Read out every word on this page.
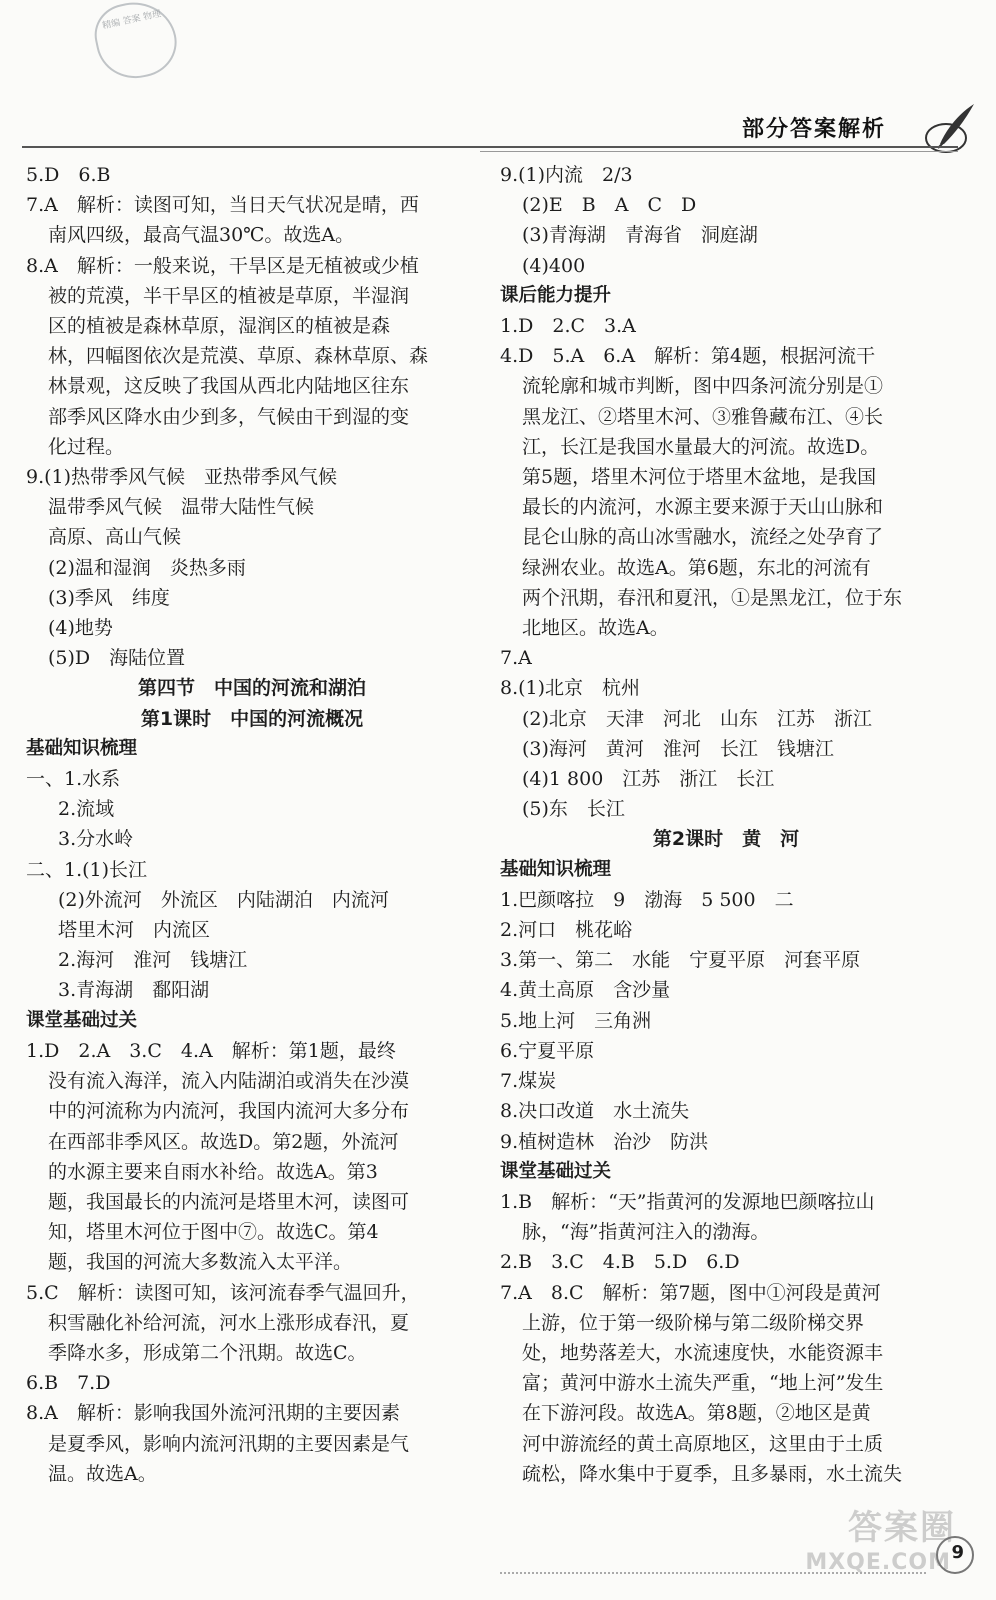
精编 答案 物理
部分答案解析
5.D　6.B
7.A　解析：读图可知，当日天气状况是晴，西
南风四级，最高气温30℃。故选A。
8.A　解析：一般来说，干旱区是无植被或少植
被的荒漠，半干旱区的植被是草原，半湿润
区的植被是森林草原，湿润区的植被是森
林，四幅图依次是荒漠、草原、森林草原、森
林景观，这反映了我国从西北内陆地区往东
部季风区降水由少到多，气候由干到湿的变
化过程。
9.(1)热带季风气候　亚热带季风气候
温带季风气候　温带大陆性气候
高原、高山气候
(2)温和湿润　炎热多雨
(3)季风　纬度
(4)地势
(5)D　海陆位置
第四节　中国的河流和湖泊
第1课时　中国的河流概况
基础知识梳理
一、1.水系
2.流域
3.分水岭
二、1.(1)长江
(2)外流河　外流区　内陆湖泊　内流河
塔里木河　内流区
2.海河　淮河　钱塘江
3.青海湖　鄱阳湖
课堂基础过关
1.D　2.A　3.C　4.A　解析：第1题，最终
没有流入海洋，流入内陆湖泊或消失在沙漠
中的河流称为内流河，我国内流河大多分布
在西部非季风区。故选D。第2题，外流河
的水源主要来自雨水补给。故选A。第3
题，我国最长的内流河是塔里木河，读图可
知，塔里木河位于图中⑦。故选C。第4
题，我国的河流大多数流入太平洋。
5.C　解析：读图可知，该河流春季气温回升，
积雪融化补给河流，河水上涨形成春汛，夏
季降水多，形成第二个汛期。故选C。
6.B　7.D
8.A　解析：影响我国外流河汛期的主要因素
是夏季风，影响内流河汛期的主要因素是气
温。故选A。
9.(1)内流　2/3
(2)E　B　A　C　D
(3)青海湖　青海省　洞庭湖
(4)400
课后能力提升
1.D　2.C　3.A
4.D　5.A　6.A　解析：第4题，根据河流干
流轮廓和城市判断，图中四条河流分别是①
黑龙江、②塔里木河、③雅鲁藏布江、④长
江，长江是我国水量最大的河流。故选D。
第5题，塔里木河位于塔里木盆地，是我国
最长的内流河，水源主要来源于天山山脉和
昆仑山脉的高山冰雪融水，流经之处孕育了
绿洲农业。故选A。第6题，东北的河流有
两个汛期，春汛和夏汛，①是黑龙江，位于东
北地区。故选A。
7.A
8.(1)北京　杭州
(2)北京　天津　河北　山东　江苏　浙江
(3)海河　黄河　淮河　长江　钱塘江
(4)1 800　江苏　浙江　长江
(5)东　长江
第2课时　黄　河
基础知识梳理
1.巴颜喀拉　9　渤海　5 500　二
2.河口　桃花峪
3.第一、第二　水能　宁夏平原　河套平原
4.黄土高原　含沙量
5.地上河　三角洲
6.宁夏平原
7.煤炭
8.决口改道　水土流失
9.植树造林　治沙　防洪
课堂基础过关
1.B　解析：“天”指黄河的发源地巴颜喀拉山
脉，“海”指黄河注入的渤海。
2.B　3.C　4.B　5.D　6.D
7.A　8.C　解析：第7题，图中①河段是黄河
上游，位于第一级阶梯与第二级阶梯交界
处，地势落差大，水流速度快，水能资源丰
富；黄河中游水土流失严重，“地上河”发生
在下游河段。故选A。第8题，②地区是黄
河中游流经的黄土高原地区，这里由于土质
疏松，降水集中于夏季，且多暴雨，水土流失
答案圈
MXQE.COM 9
